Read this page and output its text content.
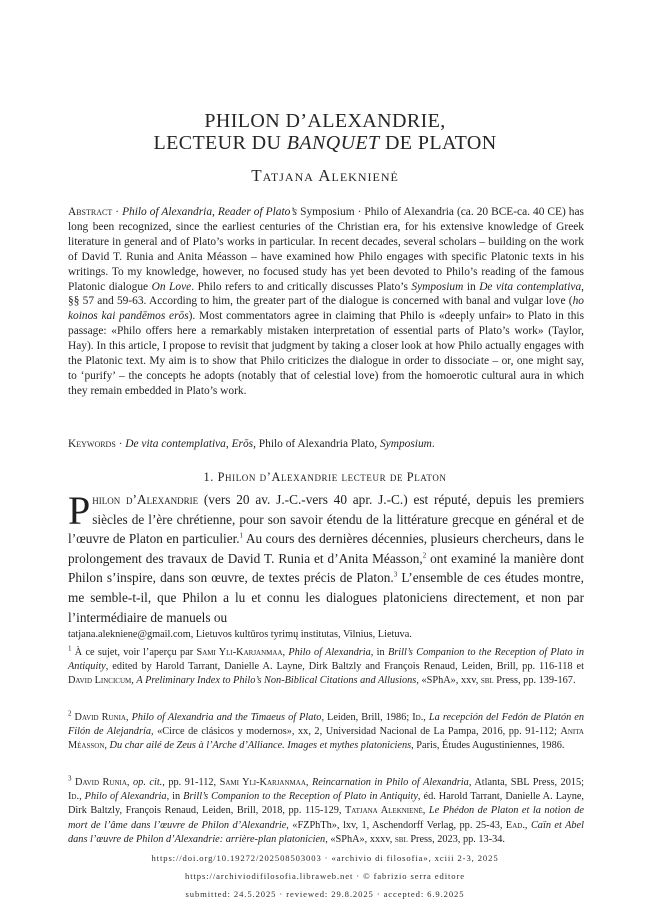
PHILON D’ALEXANDRIE,
LECTEUR DU BANQUET DE PLATON
Tatjana Aleknienė
Abstract · Philo of Alexandria, Reader of Plato’s Symposium · Philo of Alexandria (ca. 20 BCE-ca. 40 CE) has long been recognized, since the earliest centuries of the Christian era, for his extensive knowledge of Greek literature in general and of Plato’s works in particular. In recent decades, several scholars – building on the work of David T. Runia and Anita Méasson – have examined how Philo engages with specific Platonic texts in his writings. To my knowledge, however, no focused study has yet been devoted to Philo’s reading of the famous Platonic dialogue On Love. Philo refers to and critically discusses Plato’s Symposium in De vita contemplativa, §§ 57 and 59-63. According to him, the greater part of the dialogue is concerned with banal and vulgar love (ho koinos kai pandēmos erōs). Most commentators agree in claiming that Philo is «deeply unfair» to Plato in this passage: «Philo offers here a remarkably mistaken interpretation of essential parts of Plato’s work» (Taylor, Hay). In this article, I propose to revisit that judgment by taking a closer look at how Philo actually engages with the Platonic text. My aim is to show that Philo criticizes the dialogue in order to dissociate – or, one might say, to ‘purify’ – the concepts he adopts (notably that of celestial love) from the homoerotic cultural aura in which they remain embedded in Plato’s work.
Keywords · De vita contemplativa, Erōs, Philo of Alexandria Plato, Symposium.
1. Philon d’Alexandrie lecteur de Platon
Philon d’Alexandrie (vers 20 av. J.-C.-vers 40 apr. J.-C.) est réputé, depuis les premiers siècles de l’ère chrétienne, pour son savoir étendu de la littérature grecque en général et de l’œuvre de Platon en particulier.$^1$ Au cours des dernières décennies, plusieurs chercheurs, dans le prolongement des travaux de David T. Runia et d’Anita Méasson,$^2$ ont examiné la manière dont Philon s’inspire, dans son œuvre, de textes précis de Platon.$^3$ L’ensemble de ces études montre, me semble-t-il, que Philon a lu et connu les dialogues platoniciens directement, et non par l’intermédiaire de manuels ou
tatjana.alekniene@gmail.com, Lietuvos kultūros tyrimų institutas, Vilnius, Lietuva.
$^1$ À ce sujet, voir l’aperçu par Sami Yli-Karjanmaa, Philo of Alexandria, in Brill’s Companion to the Reception of Plato in Antiquity, edited by Harold Tarrant, Danielle A. Layne, Dirk Baltzly and François Renaud, Leiden, Brill, pp. 116-118 et David Lincicum, A Preliminary Index to Philo’s Non-Biblical Citations and Allusions, «SPhA», xxv, sbl Press, pp. 139-167.
$^2$ David Runia, Philo of Alexandria and the Timaeus of Plato, Leiden, Brill, 1986; Id., La recepción del Fedón de Platón en Filón de Alejandría, «Circe de clásicos y modernos», xx, 2, Universidad Nacional de La Pampa, 2016, pp. 91-112; Anita Méasson, Du char ailé de Zeus à l’Arche d’Alliance. Images et mythes platoniciens, Paris, Études Augustiniennes, 1986.
$^3$ David Runia, op. cit., pp. 91-112, Sami Yli-Karjanmaa, Reincarnation in Philo of Alexandria, Atlanta, SBL Press, 2015; Id., Philo of Alexandria, in Brill’s Companion to the Reception of Plato in Antiquity, éd. Harold Tarrant, Danielle A. Layne, Dirk Baltzly, François Renaud, Leiden, Brill, 2018, pp. 115-129, Tatjana Aleknienė, Le Phédon de Platon et la notion de mort de l’âme dans l’œuvre de Philon d’Alexandrie, «FZPhTh», lxv, 1, Aschendorff Verlag, pp. 25-43, Ead., Caïn et Abel dans l’œuvre de Philon d’Alexandrie: arrière-plan platonicien, «SPhA», xxxv, sbl Press, 2023, pp. 13-34.
https://doi.org/10.19272/202508503003 · «archivio di filosofia», xciii 2-3, 2025
https://archiviodifilosofia.libraweb.net · © fabrizio serra editore
submitted: 24.5.2025 · reviewed: 29.8.2025 · accepted: 6.9.2025
